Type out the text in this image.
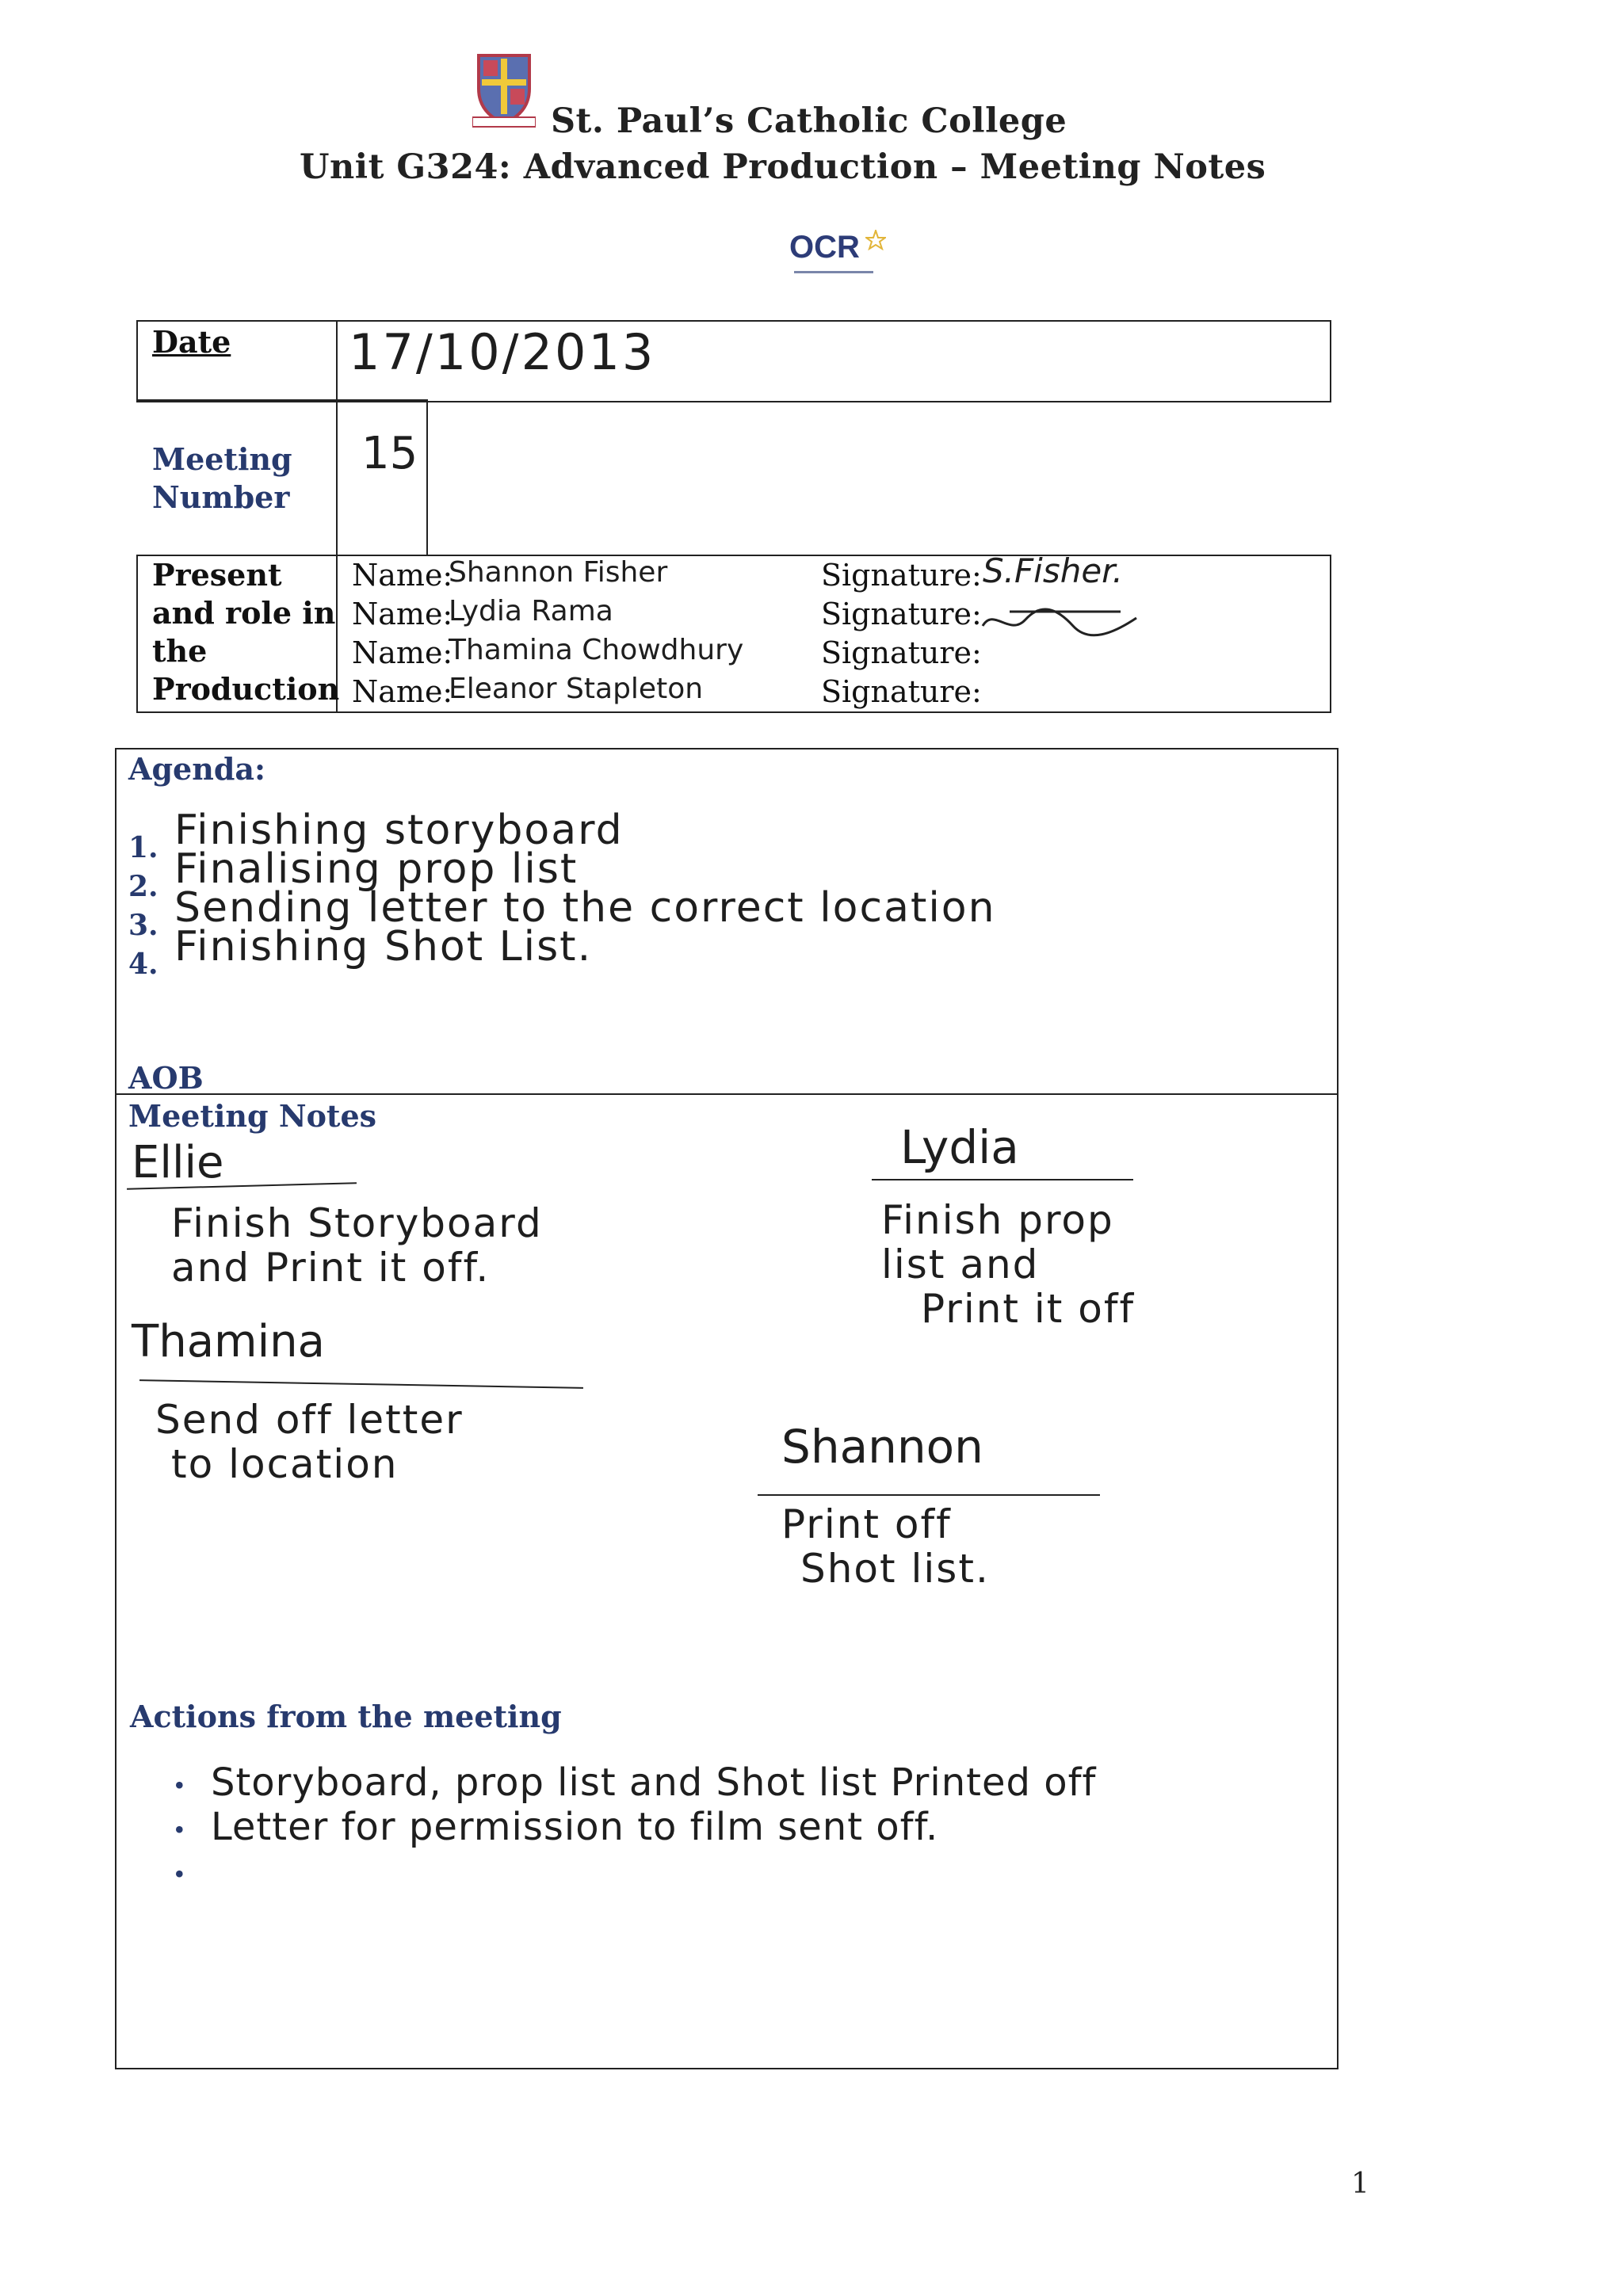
St. Paul’s Catholic College
Unit G324: Advanced Production – Meeting Notes
OCR
Date 17/10/2013
Meeting
Number
15
Present
and role in
the
Production
Name:
Name:
Name:
Name:
Shannon Fisher
Lydia Rama
Thamina Chowdhury
Eleanor Stapleton
Signature:
Signature:
Signature:
Signature:
S.Fisher.
Agenda:
1.
2.
3.
4.
Finishing storyboard
Finalising prop list
Sending letter to the correct location
Finishing Shot List.
AOB
Meeting Notes
Ellie
Finish Storyboard
and Print it off.
Lydia
Finish prop
list and
Print it off
Thamina
Send off letter
to location	Shannon
Print off
Shot list.
Actions from the meeting
• Storyboard, prop list and Shot list Printed off
• Letter for permission to film sent off.
•
1
